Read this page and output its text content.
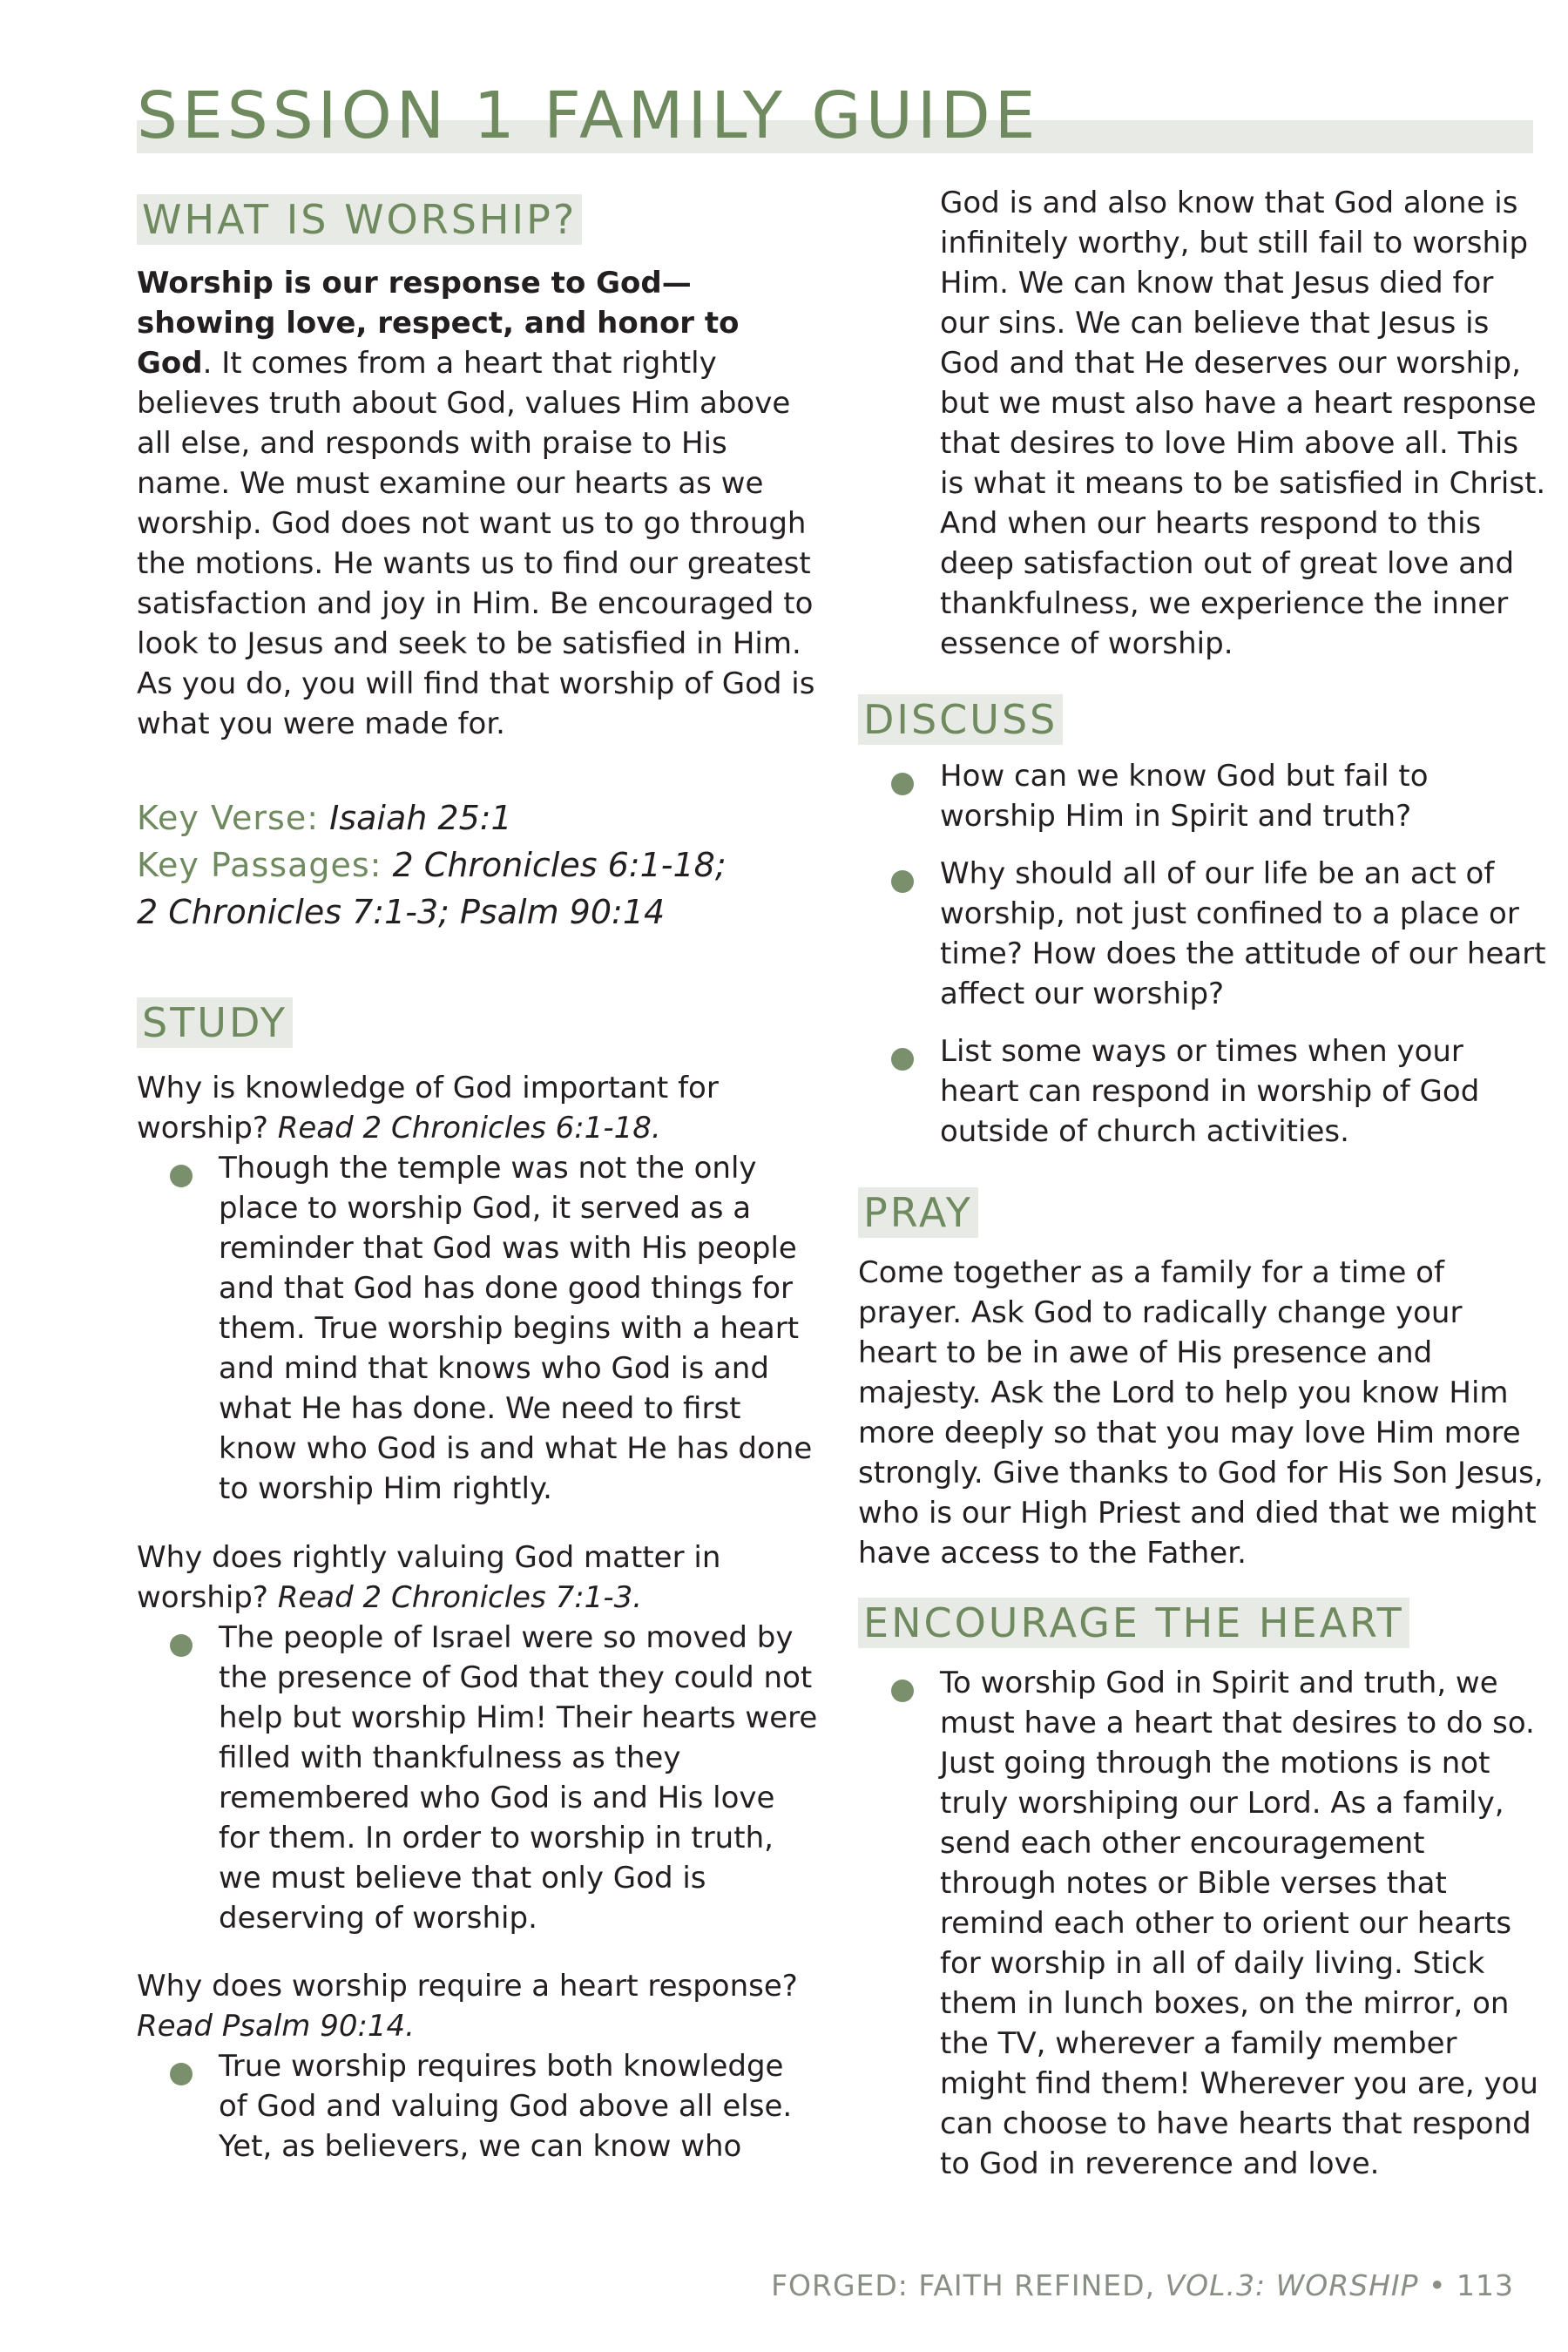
SESSION 1 FAMILY GUIDE
WHAT IS WORSHIP?

Worship is our response to God—showing love, respect, and honor to God. It comes from a heart that rightly believes truth about God, values Him above all else, and responds with praise to His name. We must examine our hearts as we worship. God does not want us to go through the motions. He wants us to find our greatest satisfaction and joy in Him. Be encouraged to look to Jesus and seek to be satisfied in Him. As you do, you will find that worship of God is what you were made for.

Key Verse: Isaiah 25:1

Key Passages: 2 Chronicles 6:1-18;

2 Chronicles 7:1-3; Psalm 90:14

STUDY

Why is knowledge of God important for worship? Read 2 Chronicles 6:1-18.

Though the temple was not the only place to worship God, it served as a reminder that God was with His people and that God has done good things for them. True worship begins with a heart and mind that knows who God is and what He has done. We need to first know who God is and what He has done to worship Him rightly.

Why does rightly valuing God matter in worship? Read 2 Chronicles 7:1-3.

The people of Israel were so moved by the presence of God that they could not help but worship Him! Their hearts were filled with thankfulness as they remembered who God is and His love for them. In order to worship in truth, we must believe that only God is deserving of worship.

Why does worship require a heart response? Read Psalm 90:14.

True worship requires both knowledge of God and valuing God above all else. Yet, as believers, we can know who

God is and also know that God alone is infinitely worthy, but still fail to worship Him. We can know that Jesus died for our sins. We can believe that Jesus is God and that He deserves our worship, but we must also have a heart response that desires to love Him above all. This is what it means to be satisfied in Christ. And when our hearts respond to this deep satisfaction out of great love and thankfulness, we experience the inner essence of worship.

DISCUSS

How can we know God but fail to worship Him in Spirit and truth?

Why should all of our life be an act of worship, not just confined to a place or time? How does the attitude of our heart affect our worship?

List some ways or times when your heart can respond in worship of God outside of church activities.

PRAY

Come together as a family for a time of prayer. Ask God to radically change your heart to be in awe of His presence and majesty. Ask the Lord to help you know Him more deeply so that you may love Him more strongly. Give thanks to God for His Son Jesus, who is our High Priest and died that we might have access to the Father.

ENCOURAGE THE HEART

To worship God in Spirit and truth, we must have a heart that desires to do so. Just going through the motions is not truly worshiping our Lord. As a family, send each other encouragement through notes or Bible verses that remind each other to orient our hearts for worship in all of daily living. Stick them in lunch boxes, on the mirror, on the TV, wherever a family member might find them! Wherever you are, you can choose to have hearts that respond to God in reverence and love.

FORGED: FAITH REFINED, VOL.3: WORSHIP • 113
